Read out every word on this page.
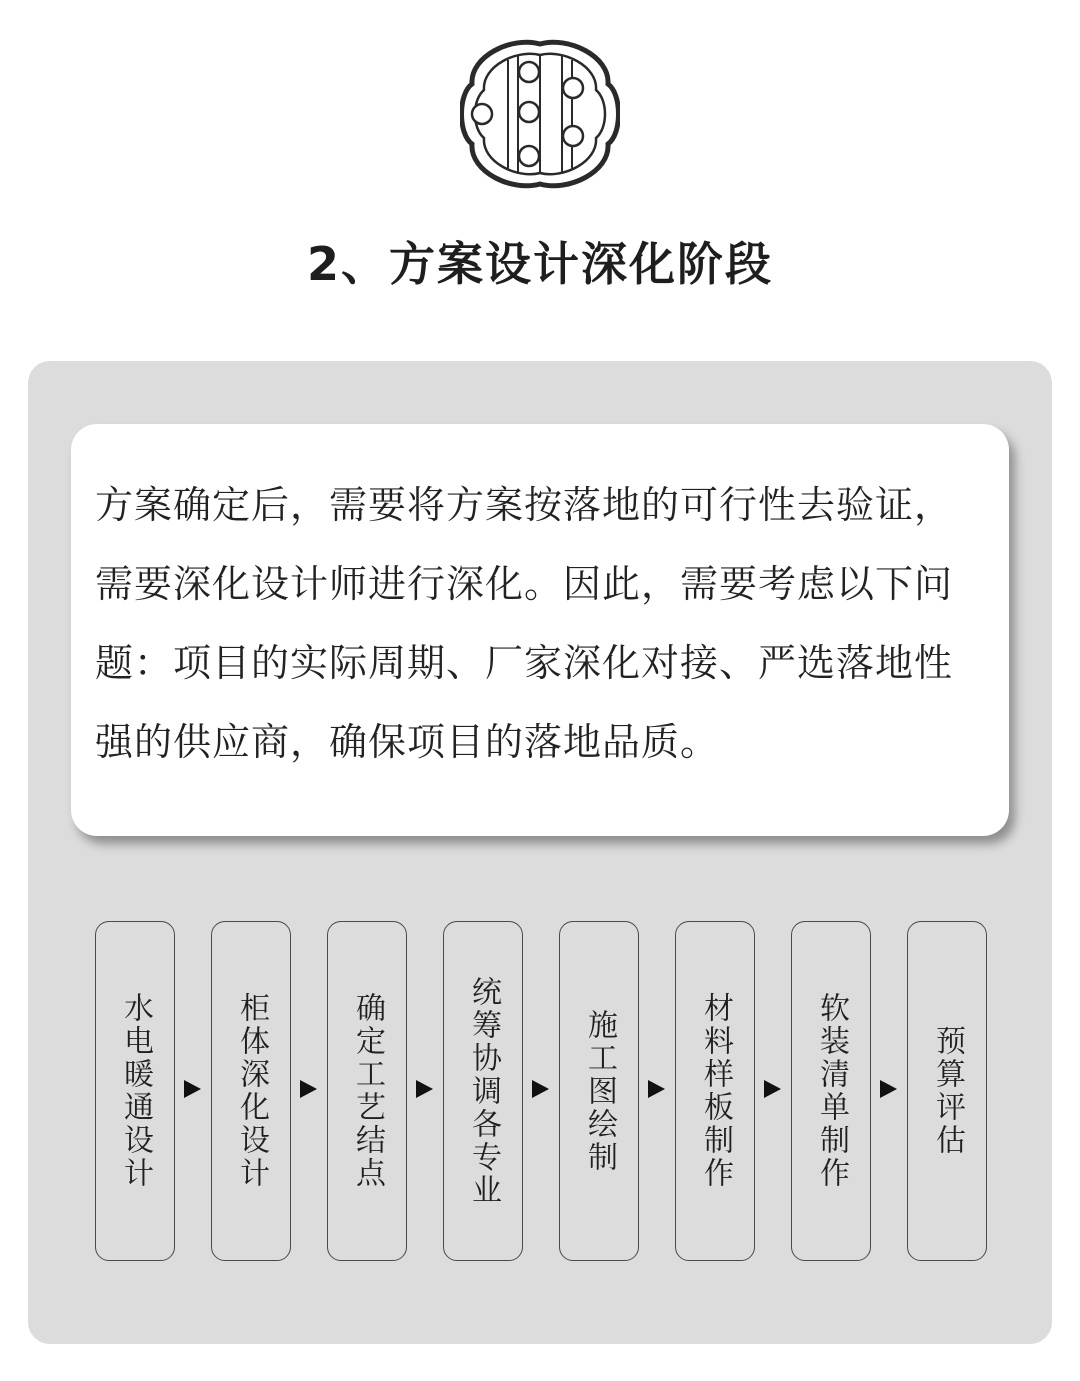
2、方案设计深化阶段
方案确定后，需要将方案按落地的可行性去验证，
需要深化设计师进行深化。因此，需要考虑以下问
题：项目的实际周期、厂家深化对接、严选落地性
强的供应商，确保项目的落地品质。
水电暖通设计	柜体深化设计	确定工艺结点	统筹协调各专业	施工图绘制	材料样板制作	软装清单制作	预算评估
